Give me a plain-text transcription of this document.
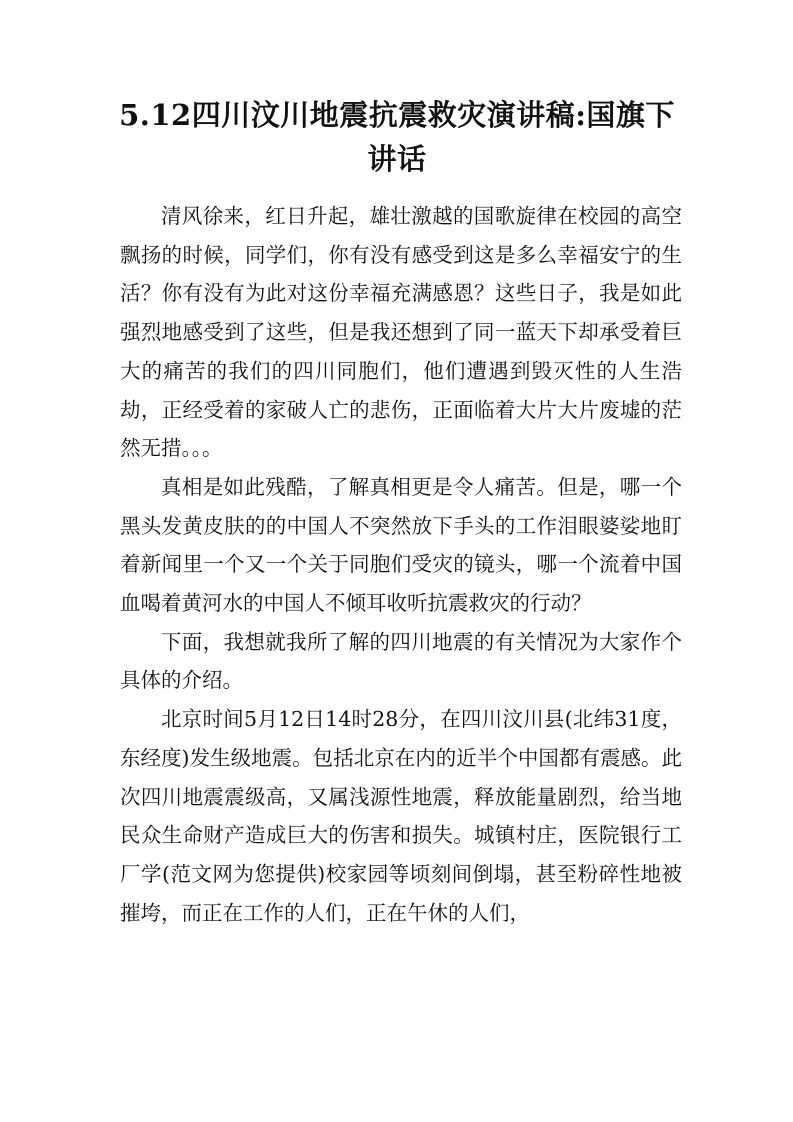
5.12四川汶川地震抗震救灾演讲稿:国旗下讲话

清风徐来，红日升起，雄壮激越的国歌旋律在校园的高空飘扬的时候，同学们，你有没有感受到这是多么幸福安宁的生活？你有没有为此对这份幸福充满感恩？这些日子，我是如此强烈地感受到了这些，但是我还想到了同一蓝天下却承受着巨大的痛苦的我们的四川同胞们，他们遭遇到毁灭性的人生浩劫，正经受着的家破人亡的悲伤，正面临着大片大片废墟的茫然无措。。。

真相是如此残酷，了解真相更是令人痛苦。但是，哪一个黑头发黄皮肤的的中国人不突然放下手头的工作泪眼婆娑地盯着新闻里一个又一个关于同胞们受灾的镜头，哪一个流着中国血喝着黄河水的中国人不倾耳收听抗震救灾的行动？

下面，我想就我所了解的四川地震的有关情况为大家作个具体的介绍。

北京时间5月12日14时28分，在四川汶川县(北纬31度，东经度)发生级地震。包括北京在内的近半个中国都有震感。此次四川地震震级高，又属浅源性地震，释放能量剧烈，给当地民众生命财产造成巨大的伤害和损失。城镇村庄，医院银行工厂学(范文网为您提供)校家园等顷刻间倒塌，甚至粉碎性地被摧垮，而正在工作的人们，正在午休的人们，
